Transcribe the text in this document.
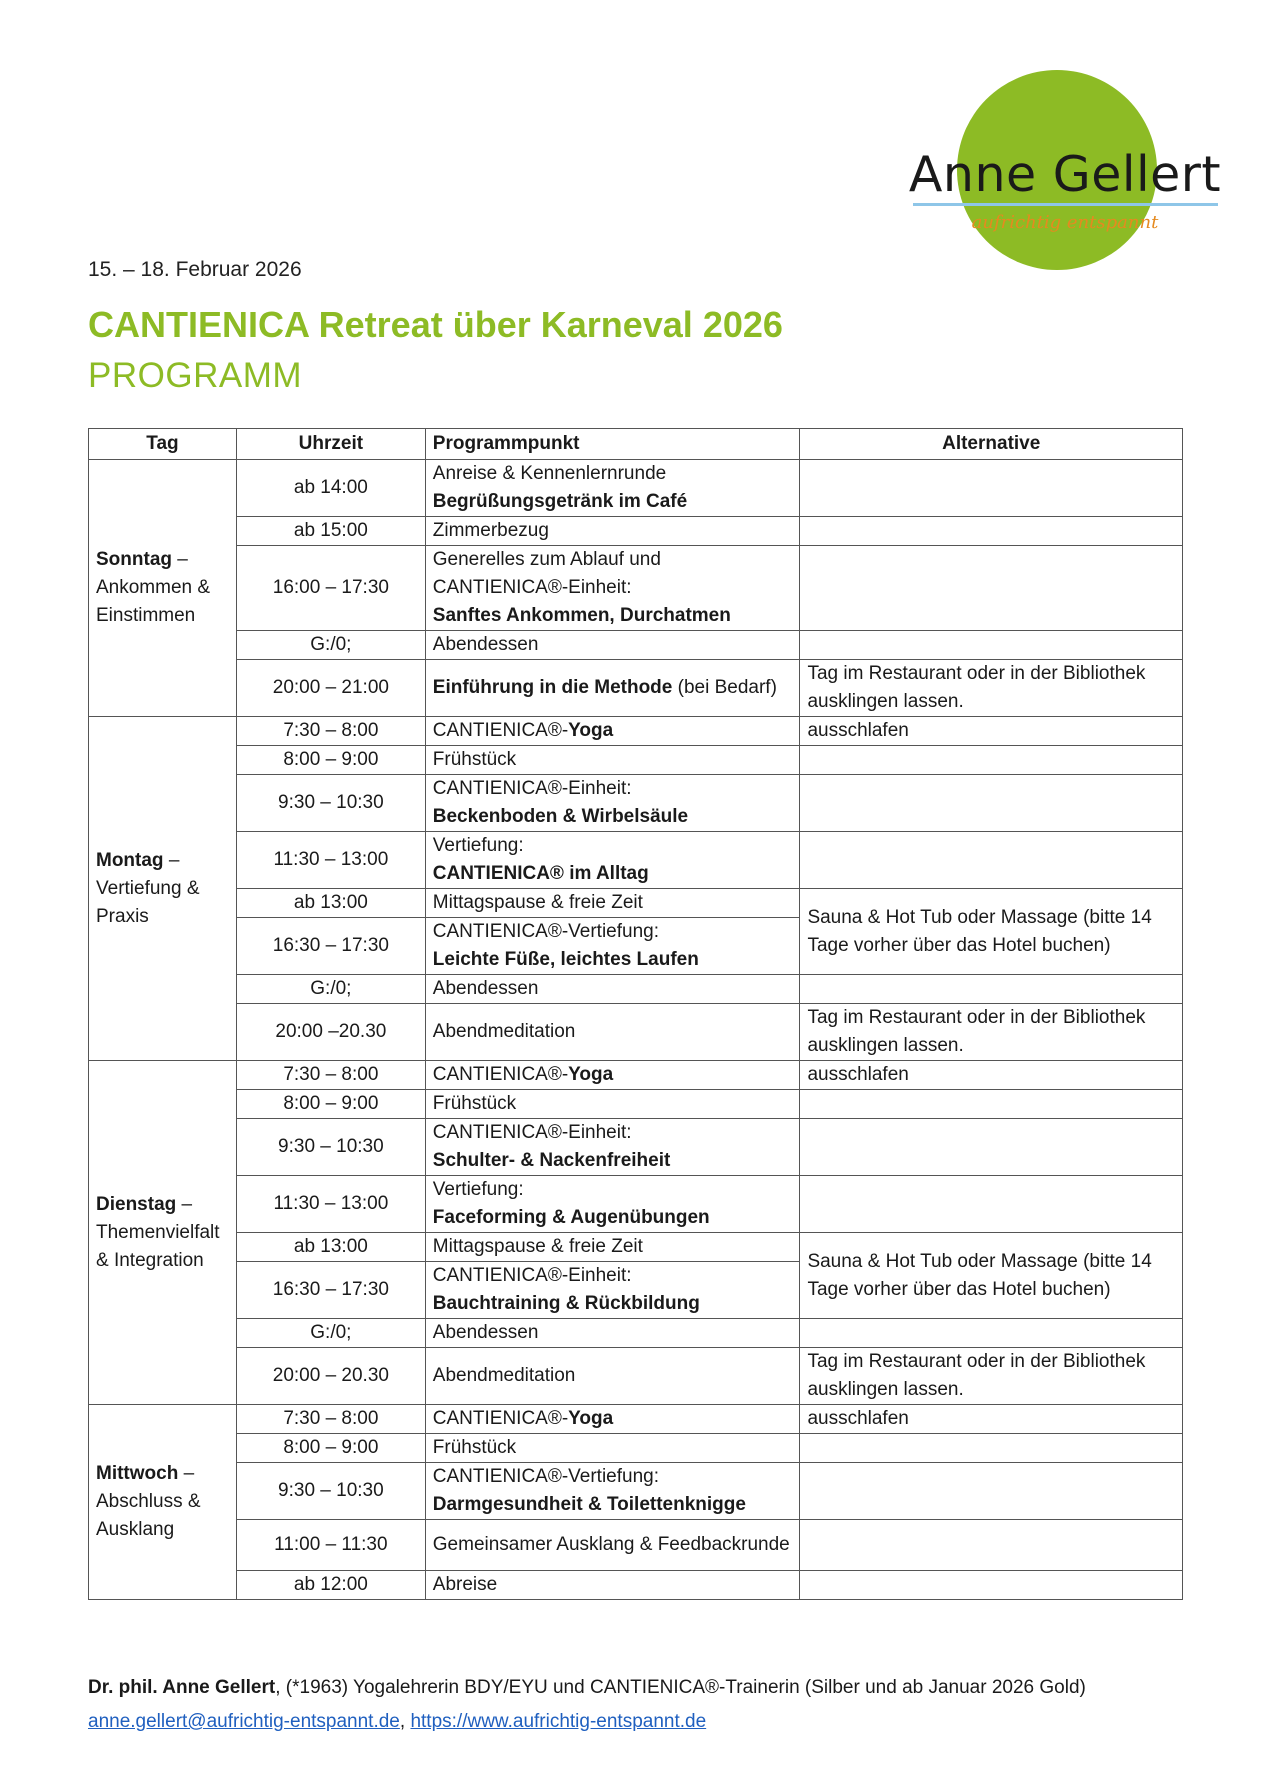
Anne Gellert
aufrichtig entspannt
15. – 18. Februar 2026
CANTIENICA Retreat über Karneval 2026
PROGRAMM
Tag	Uhrzeit	Programmpunkt	Alternative
Sonntag –
Ankommen & Einstimmen	ab 14:00	Anreise & Kennenlernrunde
Begrüßungsgetränk im Café	

	ab 15:00	Zimmerbezug	
	16:00 – 17:30	Generelles zum Ablauf und
CANTIENICA®-Einheit:
Sanftes Ankommen, Durchatmen	

	G:/0;	Abendessen	
	20:00 – 21:00	Einführung in die Methode (bei Bedarf)	Tag im Restaurant oder in der Bibliothek ausklingen lassen.
Montag –
Vertiefung & Praxis	7:30 – 8:00	CANTIENICA®-Yoga	ausschlafen
	8:00 – 9:00	Frühstück	
	9:30 – 10:30	CANTIENICA®-Einheit:
Beckenboden & Wirbelsäule	

	11:30 – 13:00	Vertiefung:
CANTIENICA® im Alltag	

	ab 13:00	Mittagspause & freie Zeit	Sauna & Hot Tub oder Massage (bitte 14 Tage vorher über das Hotel buchen)
	16:30 – 17:30	CANTIENICA®-Vertiefung:
Leichte Füße, leichtes Laufen	

	G:/0;	Abendessen	
	20:00 –20.30	Abendmeditation	Tag im Restaurant oder in der Bibliothek ausklingen lassen.
Dienstag –
Themenvielfalt & Integration	7:30 – 8:00	CANTIENICA®-Yoga	ausschlafen
	8:00 – 9:00	Frühstück	
	9:30 – 10:30	CANTIENICA®-Einheit:
Schulter- & Nackenfreiheit	

	11:30 – 13:00	Vertiefung:
Faceforming & Augenübungen	

	ab 13:00	Mittagspause & freie Zeit	Sauna & Hot Tub oder Massage (bitte 14 Tage vorher über das Hotel buchen)
	16:30 – 17:30	CANTIENICA®-Einheit:
Bauchtraining & Rückbildung	

	G:/0;	Abendessen	
	20:00 – 20.30	Abendmeditation	Tag im Restaurant oder in der Bibliothek ausklingen lassen.
Mittwoch –
Abschluss & Ausklang	7:30 – 8:00	CANTIENICA®-Yoga	ausschlafen
	8:00 – 9:00	Frühstück	
	9:30 – 10:30	CANTIENICA®-Vertiefung:
Darmgesundheit & Toilettenknigge	

	11:00 – 11:30	Gemeinsamer Ausklang & Feedbackrunde	
	ab 12:00	Abreise	
Dr. phil. Anne Gellert, (*1963) Yogalehrerin BDY/EYU und CANTIENICA®-Trainerin (Silber und ab Januar 2026 Gold)
anne.gellert@aufrichtig-entspannt.de, https://www.aufrichtig-entspannt.de
